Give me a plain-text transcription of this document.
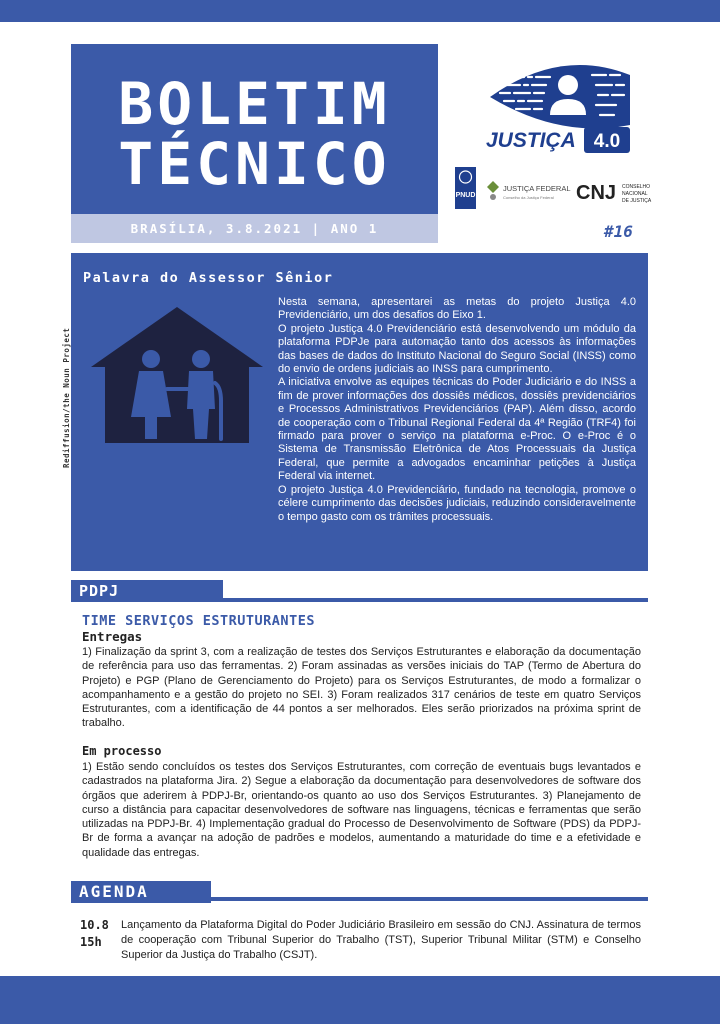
BOLETIM
TÉCNICO
BRASÍLIA, 3.8.2021 | ANO 1	#16
JUSTIÇA 4.0
PNUD
JUSTIÇA FEDERAL
Conselho da Justiça Federal CNJ CONSELHO
NACIONAL
DE JUSTIÇA
Rediffusion/the Noun Project
Palavra do Assessor Sênior

Nesta semana, apresentarei as metas do projeto Justiça 4.0 Previdenciário, um dos desafios do Eixo 1.

O projeto Justiça 4.0 Previdenciário está desenvolvendo um módulo da plataforma PDPJe para automação tanto dos acessos às informações das bases de dados do Instituto Nacional do Seguro Social (INSS) como do envio de ordens judiciais ao INSS para cumprimento.

A iniciativa envolve as equipes técnicas do Poder Judiciário e do INSS a fim de prover informações dos dossiês médicos, dossiês previdenciários e Processos Administrativos Previdenciários (PAP). Além disso, acordo de cooperação com o Tribunal Regional Federal da 4ª Região (TRF4) foi firmado para prover o serviço na plataforma e-Proc. O e-Proc é o Sistema de Transmissão Eletrônica de Atos Processuais da Justiça Federal, que permite a advogados encaminhar petições à Justiça Federal via internet.

O projeto Justiça 4.0 Previdenciário, fundado na tecnologia, promove o célere cumprimento das decisões judiciais, reduzindo consideravelmente o tempo gasto com os trâmites processuais.

PDPJ
TIME SERVIÇOS ESTRUTURANTES
Entregas

1) Finalização da sprint 3, com a realização de testes dos Serviços Estruturantes e elaboração da documentação de referência para uso das ferramentas. 2) Foram assinadas as versões iniciais do TAP (Termo de Abertura do Projeto) e PGP (Plano de Gerenciamento do Projeto) para os Serviços Estruturantes, de modo a formalizar o acompanhamento e a gestão do projeto no SEI. 3) Foram realizados 317 cenários de teste em quatro Serviços Estruturantes, com a identificação de 44 pontos a ser melhorados. Eles serão priorizados na próxima sprint de trabalho.

Em processo

1) Estão sendo concluídos os testes dos Serviços Estruturantes, com correção de eventuais bugs levantados e cadastrados na plataforma Jira. 2) Segue a elaboração da documentação para desenvolvedores de software dos órgãos que aderirem à PDPJ-Br, orientando-os quanto ao uso dos Serviços Estruturantes. 3) Planejamento de curso a distância para capacitar desenvolvedores de software nas linguagens, técnicas e ferramentas que serão utilizadas na PDPJ-Br. 4) Implementação gradual do Processo de Desenvolvimento de Software (PDS) da PDPJ-Br de forma a avançar na adoção de padrões e modelos, aumentando a maturidade do time e a efetividade e qualidade das entregas.

AGENDA
10.8
15h

Lançamento da Plataforma Digital do Poder Judiciário Brasileiro em sessão do CNJ. Assinatura de termos de cooperação com Tribunal Superior do Trabalho (TST), Superior Tribunal Militar (STM) e Conselho Superior da Justiça do Trabalho (CSJT).
